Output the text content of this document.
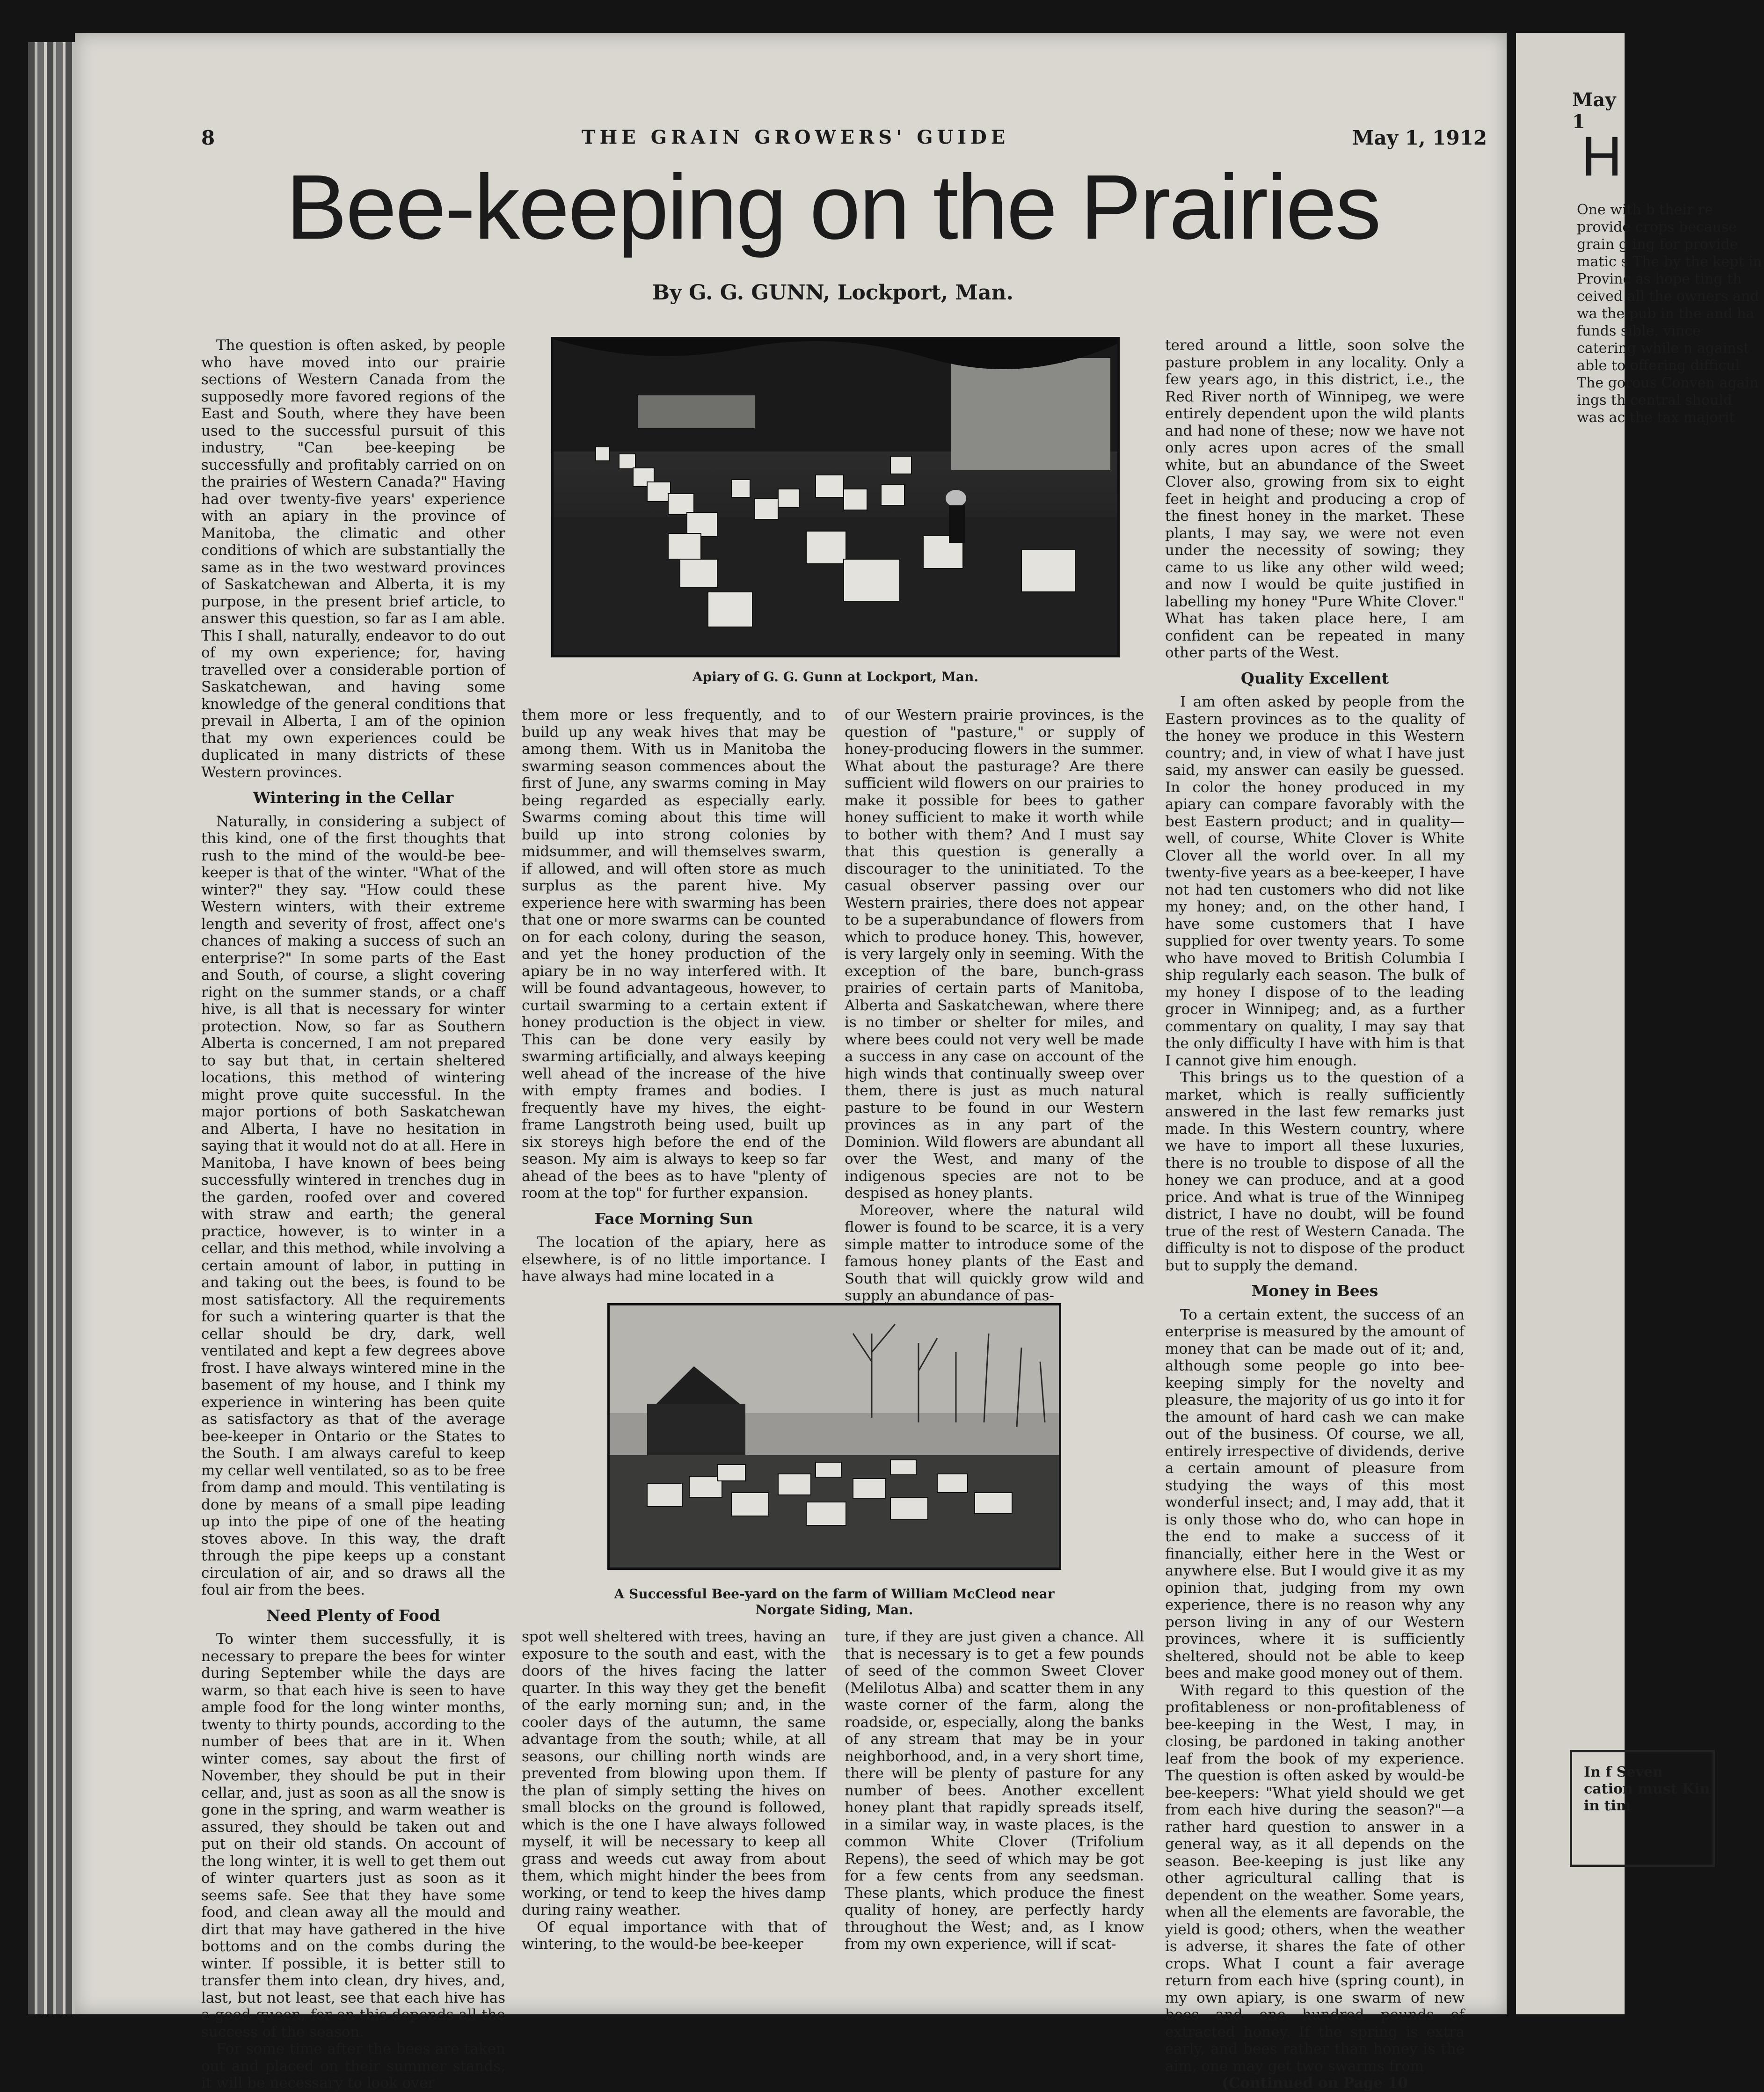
8	THE GRAIN GROWERS' GUIDE	May 1, 1912
Bee-keeping on the Prairies
By G. G. GUNN, Lockport, Man.
Apiary of G. G. Gunn at Lockport, Man.
A Successful Bee-yard on the farm of William McCleod near Norgate Siding, Man.

The question is often asked, by people who have moved into our prairie sections of Western Canada from the supposedly more favored regions of the East and South, where they have been used to the successful pursuit of this industry, "Can bee-keeping be successfully and profitably carried on on the prairies of Western Canada?" Having had over twenty-five years' experience with an apiary in the province of Manitoba, the climatic and other conditions of which are substantially the same as in the two westward provinces of Saskatchewan and Alberta, it is my purpose, in the present brief article, to answer this question, so far as I am able. This I shall, naturally, endeavor to do out of my own experience; for, having travelled over a considerable portion of Saskatchewan, and having some knowledge of the general conditions that prevail in Alberta, I am of the opinion that my own experiences could be duplicated in many districts of these Western provinces.

Wintering in the Cellar

Naturally, in considering a subject of this kind, one of the first thoughts that rush to the mind of the would-be bee-keeper is that of the winter. "What of the winter?" they say. "How could these Western winters, with their extreme length and severity of frost, affect one's chances of making a success of such an enterprise?" In some parts of the East and South, of course, a slight covering right on the summer stands, or a chaff hive, is all that is necessary for winter protection. Now, so far as Southern Alberta is concerned, I am not prepared to say but that, in certain sheltered locations, this method of wintering might prove quite successful. In the major portions of both Saskatchewan and Alberta, I have no hesitation in saying that it would not do at all. Here in Manitoba, I have known of bees being successfully wintered in trenches dug in the garden, roofed over and covered with straw and earth; the general practice, however, is to winter in a cellar, and this method, while involving a certain amount of labor, in putting in and taking out the bees, is found to be most satisfactory. All the requirements for such a wintering quarter is that the cellar should be dry, dark, well ventilated and kept a few degrees above frost. I have always wintered mine in the basement of my house, and I think my experience in wintering has been quite as satisfactory as that of the average bee-keeper in Ontario or the States to the South. I am always careful to keep my cellar well ventilated, so as to be free from damp and mould. This ventilating is done by means of a small pipe leading up into the pipe of one of the heating stoves above. In this way, the draft through the pipe keeps up a constant circulation of air, and so draws all the foul air from the bees.

Need Plenty of Food

To winter them successfully, it is necessary to prepare the bees for winter during September while the days are warm, so that each hive is seen to have ample food for the long winter months, twenty to thirty pounds, according to the number of bees that are in it. When winter comes, say about the first of November, they should be put in their cellar, and, just as soon as all the snow is gone in the spring, and warm weather is assured, they should be taken out and put on their old stands. On account of the long winter, it is well to get them out of winter quarters just as soon as it seems safe. See that they have some food, and clean away all the mould and dirt that may have gathered in the hive bottoms and on the combs during the winter. If possible, it is better still to transfer them into clean, dry hives, and, last, but not least, see that each hive has a good queen, for on this depends all the success of the season.

For some time after the bees are taken out and placed on their summer stands, it will be necessary to look over

them more or less frequently, and to build up any weak hives that may be among them. With us in Manitoba the swarming season commences about the first of June, any swarms coming in May being regarded as especially early. Swarms coming about this time will build up into strong colonies by midsummer, and will themselves swarm, if allowed, and will often store as much surplus as the parent hive. My experience here with swarming has been that one or more swarms can be counted on for each colony, during the season, and yet the honey production of the apiary be in no way interfered with. It will be found advantageous, however, to curtail swarming to a certain extent if honey production is the object in view. This can be done very easily by swarming artificially, and always keeping well ahead of the increase of the hive with empty frames and bodies. I frequently have my hives, the eight-frame Langstroth being used, built up six storeys high before the end of the season. My aim is always to keep so far ahead of the bees as to have "plenty of room at the top" for further expansion.

Face Morning Sun

The location of the apiary, here as elsewhere, is of no little importance. I have always had mine located in a

of our Western prairie provinces, is the question of "pasture," or supply of honey-producing flowers in the summer. What about the pasturage? Are there sufficient wild flowers on our prairies to make it possible for bees to gather honey sufficient to make it worth while to bother with them? And I must say that this question is generally a discourager to the uninitiated. To the casual observer passing over our Western prairies, there does not appear to be a superabundance of flowers from which to produce honey. This, however, is very largely only in seeming. With the exception of the bare, bunch-grass prairies of certain parts of Manitoba, Alberta and Saskatchewan, where there is no timber or shelter for miles, and where bees could not very well be made a success in any case on account of the high winds that continually sweep over them, there is just as much natural pasture to be found in our Western provinces as in any part of the Dominion. Wild flowers are abundant all over the West, and many of the indigenous species are not to be despised as honey plants.

Moreover, where the natural wild flower is found to be scarce, it is a very simple matter to introduce some of the famous honey plants of the East and South that will quickly grow wild and supply an abundance of pas-

spot well sheltered with trees, having an exposure to the south and east, with the doors of the hives facing the latter quarter. In this way they get the benefit of the early morning sun; and, in the cooler days of the autumn, the same advantage from the south; while, at all seasons, our chilling north winds are prevented from blowing upon them. If the plan of simply setting the hives on small blocks on the ground is followed, which is the one I have always followed myself, it will be necessary to keep all grass and weeds cut away from about them, which might hinder the bees from working, or tend to keep the hives damp during rainy weather.

Of equal importance with that of wintering, to the would-be bee-keeper

ture, if they are just given a chance. All that is necessary is to get a few pounds of seed of the common Sweet Clover (Melilotus Alba) and scatter them in any waste corner of the farm, along the roadside, or, especially, along the banks of any stream that may be in your neighborhood, and, in a very short time, there will be plenty of pasture for any number of bees. Another excellent honey plant that rapidly spreads itself, in a similar way, in waste places, is the common White Clover (Trifolium Repens), the seed of which may be got for a few cents from any seedsman. These plants, which produce the finest quality of honey, are perfectly hardy throughout the West; and, as I know from my own experience, will if scat-

tered around a little, soon solve the pasture problem in any locality. Only a few years ago, in this district, i.e., the Red River north of Winnipeg, we were entirely dependent upon the wild plants and had none of these; now we have not only acres upon acres of the small white, but an abundance of the Sweet Clover also, growing from six to eight feet in height and producing a crop of the finest honey in the market. These plants, I may say, we were not even under the necessity of sowing; they came to us like any other wild weed; and now I would be quite justified in labelling my honey "Pure White Clover." What has taken place here, I am confident can be repeated in many other parts of the West.

Quality Excellent

I am often asked by people from the Eastern provinces as to the quality of the honey we produce in this Western country; and, in view of what I have just said, my answer can easily be guessed. In color the honey produced in my apiary can compare favorably with the best Eastern product; and in quality—well, of course, White Clover is White Clover all the world over. In all my twenty-five years as a bee-keeper, I have not had ten customers who did not like my honey; and, on the other hand, I have some customers that I have supplied for over twenty years. To some who have moved to British Columbia I ship regularly each season. The bulk of my honey I dispose of to the leading grocer in Winnipeg; and, as a further commentary on quality, I may say that the only difficulty I have with him is that I cannot give him enough.

This brings us to the question of a market, which is really sufficiently answered in the last few remarks just made. In this Western country, where we have to import all these luxuries, there is no trouble to dispose of all the honey we can produce, and at a good price. And what is true of the Winnipeg district, I have no doubt, will be found true of the rest of Western Canada. The difficulty is not to dispose of the product but to supply the demand.

Money in Bees

To a certain extent, the success of an enterprise is measured by the amount of money that can be made out of it; and, although some people go into bee-keeping simply for the novelty and pleasure, the majority of us go into it for the amount of hard cash we can make out of the business. Of course, we all, entirely irrespective of dividends, derive a certain amount of pleasure from studying the ways of this most wonderful insect; and, I may add, that it is only those who do, who can hope in the end to make a success of it financially, either here in the West or anywhere else. But I would give it as my opinion that, judging from my own experience, there is no reason why any person living in any of our Western provinces, where it is sufficiently sheltered, should not be able to keep bees and make good money out of them.

With regard to this question of the profitableness or non-profitableness of bee-keeping in the West, I may, in closing, be pardoned in taking another leaf from the book of my experience. The question is often asked by would-be bee-keepers: "What yield should we get from each hive during the season?"—a rather hard question to answer in a general way, as it all depends on the season. Bee-keeping is just like any other agricultural calling that is dependent on the weather. Some years, when all the elements are favorable, the yield is good; others, when the weather is adverse, it shares the fate of other crops. What I count a fair average return from each hive (spring count), in my own apiary, is one swarm of new bees and one hundred pounds of extracted honey. If the spring is extra early, and bees rather than honey is the aim, one may get two swarms from

(Continued on Page 10

May 1
H
One with b their re provide crops because grain g ing for provide matic s The by the kept in Provinc as hope ting th ceived all the owners and wa the pub in the and ha funds sible. vince catering while n against able to offering difficul The gorous Conven again ings th central should was ac the tax majorit
In f Seven cation must Kin in tim
